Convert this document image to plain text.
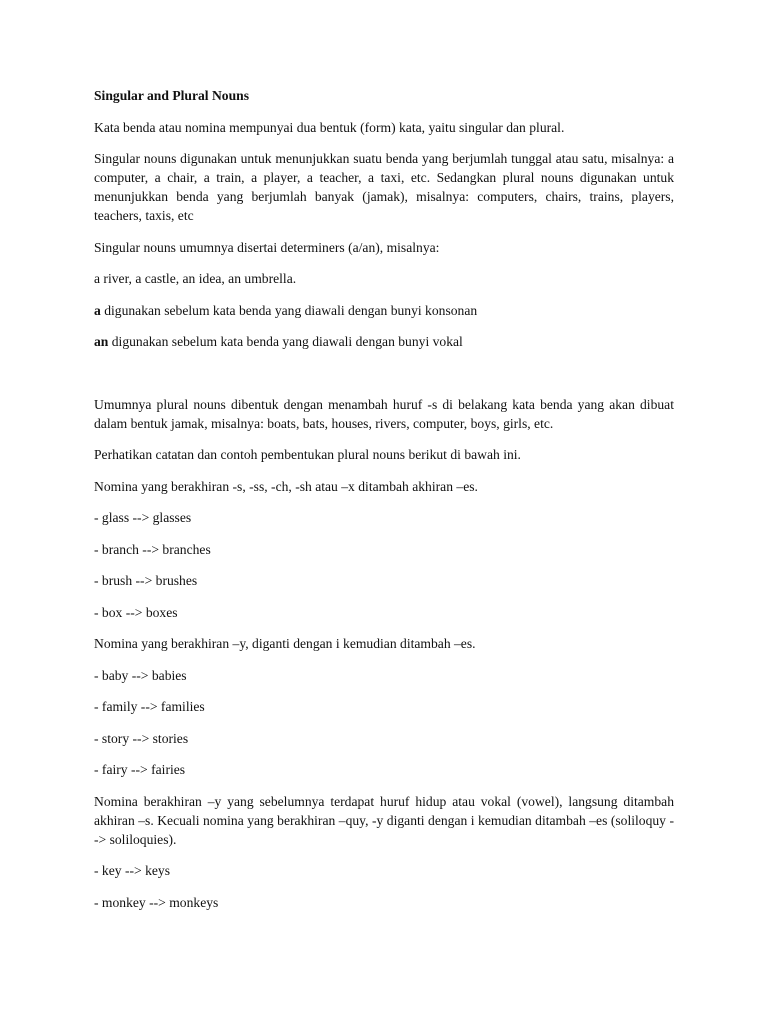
Singular and Plural Nouns

Kata benda atau nomina mempunyai dua bentuk (form) kata, yaitu singular dan plural.

Singular nouns digunakan untuk menunjukkan suatu benda yang berjumlah tunggal atau satu, misalnya: a computer, a chair, a train, a player, a teacher, a taxi, etc. Sedangkan plural nouns digunakan untuk menunjukkan benda yang berjumlah banyak (jamak), misalnya: computers, chairs, trains, players, teachers, taxis, etc

Singular nouns umumnya disertai determiners (a/an), misalnya:

a river, a castle, an idea, an umbrella.

a digunakan sebelum kata benda yang diawali dengan bunyi konsonan

an digunakan sebelum kata benda yang diawali dengan bunyi vokal

Umumnya plural nouns dibentuk dengan menambah huruf -s di belakang kata benda yang akan dibuat dalam bentuk jamak, misalnya: boats, bats, houses, rivers, computer, boys, girls, etc.

Perhatikan catatan dan contoh pembentukan plural nouns berikut di bawah ini.

Nomina yang berakhiran -s, -ss, -ch, -sh atau –x ditambah akhiran –es.

- glass --> glasses

- branch --> branches

- brush --> brushes

- box --> boxes

Nomina yang berakhiran –y, diganti dengan i kemudian ditambah –es.

- baby --> babies

- family --> families

- story --> stories

- fairy --> fairies

Nomina berakhiran –y yang sebelumnya terdapat huruf hidup atau vokal (vowel), langsung ditambah akhiran –s. Kecuali nomina yang berakhiran –quy, -y diganti dengan i kemudian ditambah –es (soliloquy --> soliloquies).

- key --> keys

- monkey --> monkeys
